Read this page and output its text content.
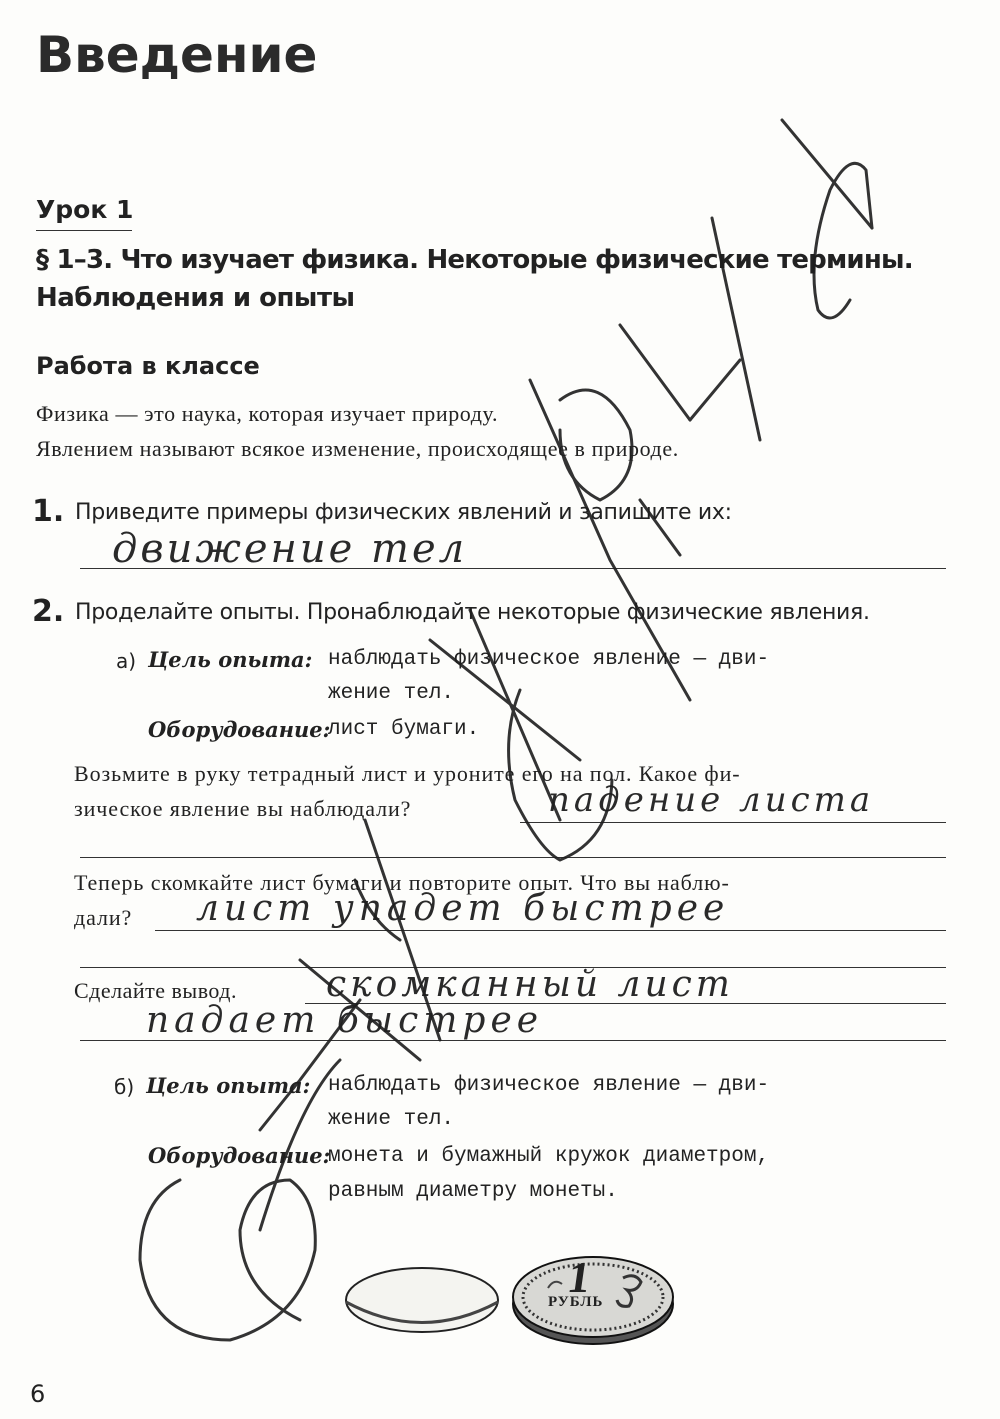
Введение
Урок 1
§ 1–3. Что изучает физика. Некоторые физические термины.
Наблюдения и опыты
Работа в классе
Физика — это наука, которая изучает природу.
Явлением называют всякое изменение, происходящее в природе.
1. Приведите примеры физических явлений и запишите их:
движение тел
2. Проделайте опыты. Пронаблюдайте некоторые физические явления.
а) Цель опыта: наблюдать физическое явление — дви-
жение тел.
Оборудование:
лист бумаги.
Возьмите в руку тетрадный лист и уроните его на пол. Какое фи-
зическое явление вы наблюдали?	падение листа
Теперь скомкайте лист бумаги и повторите опыт. Что вы наблю-
дали? лист упадет быстрее
Сделайте вывод. скомканный лист
падает быстрее
б) Цель опыта: наблюдать физическое явление — дви-
жение тел.
Оборудование:
монета и бумажный кружок диаметром,
равным диаметру монеты.
1
РУБЛЬ
6
